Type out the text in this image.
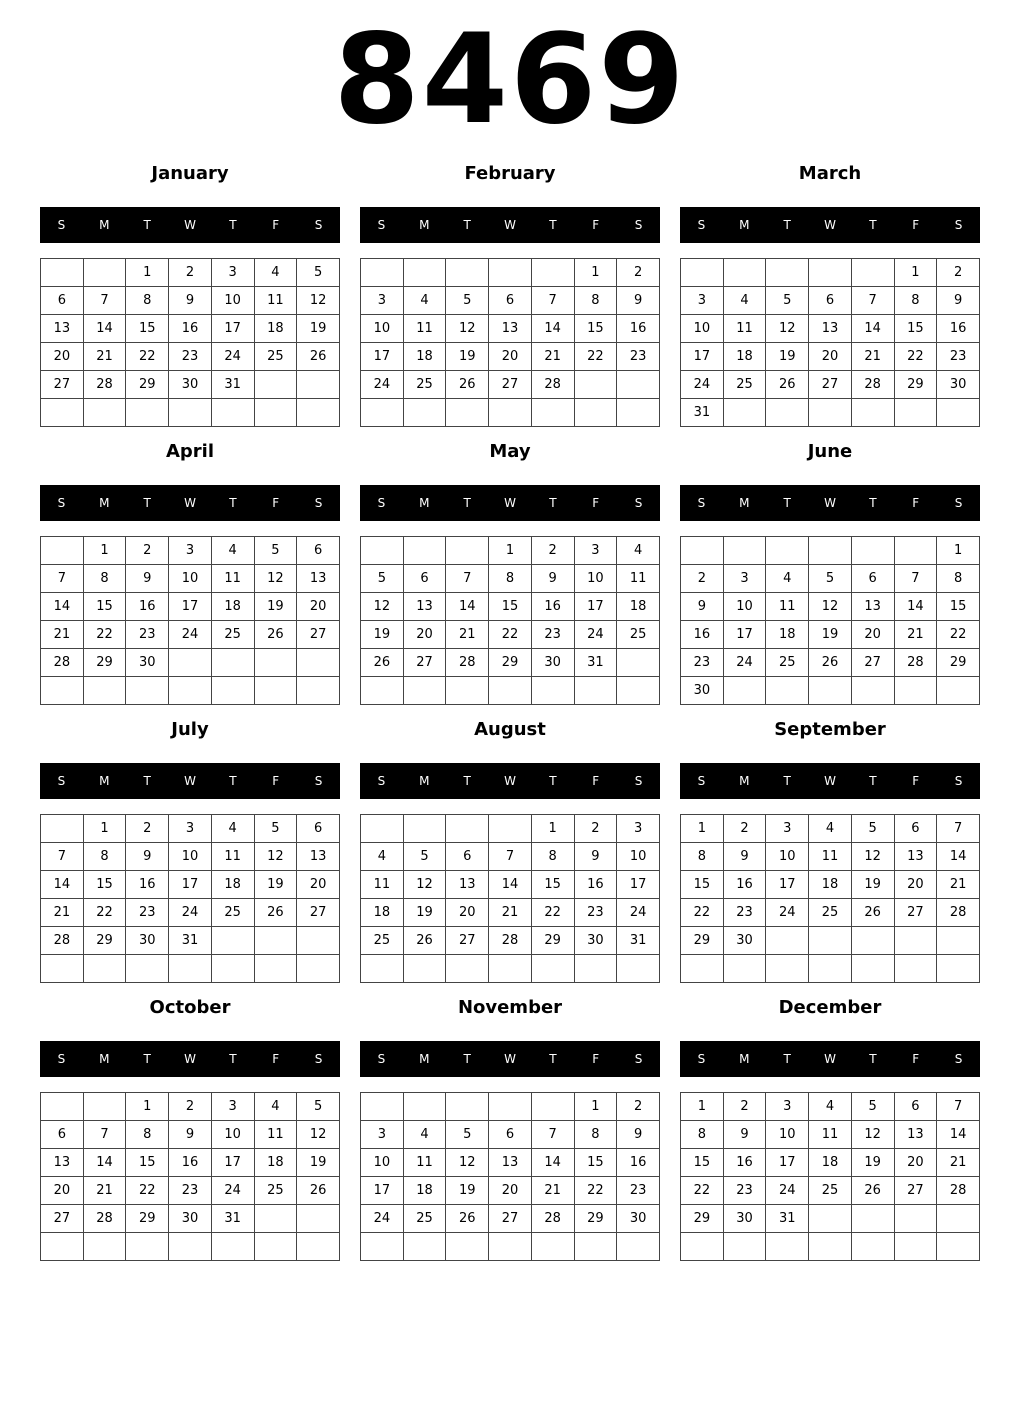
8469
January
S	M	T	W	T	F	S
		1	2	3	4	5
6	7	8	9	10	11	12
13	14	15	16	17	18	19
20	21	22	23	24	25	26
27	28	29	30	31		

February
S	M	T	W	T	F	S
					1	2
3	4	5	6	7	8	9
10	11	12	13	14	15	16
17	18	19	20	21	22	23
24	25	26	27	28		

March
S	M	T	W	T	F	S
					1	2
3	4	5	6	7	8	9
10	11	12	13	14	15	16
17	18	19	20	21	22	23
24	25	26	27	28	29	30
31						
April
S	M	T	W	T	F	S
	1	2	3	4	5	6
7	8	9	10	11	12	13
14	15	16	17	18	19	20
21	22	23	24	25	26	27
28	29	30				

May
S	M	T	W	T	F	S
			1	2	3	4
5	6	7	8	9	10	11
12	13	14	15	16	17	18
19	20	21	22	23	24	25
26	27	28	29	30	31	

June
S	M	T	W	T	F	S
						1
2	3	4	5	6	7	8
9	10	11	12	13	14	15
16	17	18	19	20	21	22
23	24	25	26	27	28	29
30						
July
S	M	T	W	T	F	S
	1	2	3	4	5	6
7	8	9	10	11	12	13
14	15	16	17	18	19	20
21	22	23	24	25	26	27
28	29	30	31			

August
S	M	T	W	T	F	S
				1	2	3
4	5	6	7	8	9	10
11	12	13	14	15	16	17
18	19	20	21	22	23	24
25	26	27	28	29	30	31

September
S	M	T	W	T	F	S
1	2	3	4	5	6	7
8	9	10	11	12	13	14
15	16	17	18	19	20	21
22	23	24	25	26	27	28
29	30					

October
S	M	T	W	T	F	S
		1	2	3	4	5
6	7	8	9	10	11	12
13	14	15	16	17	18	19
20	21	22	23	24	25	26
27	28	29	30	31		

November
S	M	T	W	T	F	S
					1	2
3	4	5	6	7	8	9
10	11	12	13	14	15	16
17	18	19	20	21	22	23
24	25	26	27	28	29	30

December
S	M	T	W	T	F	S
1	2	3	4	5	6	7
8	9	10	11	12	13	14
15	16	17	18	19	20	21
22	23	24	25	26	27	28
29	30	31				
